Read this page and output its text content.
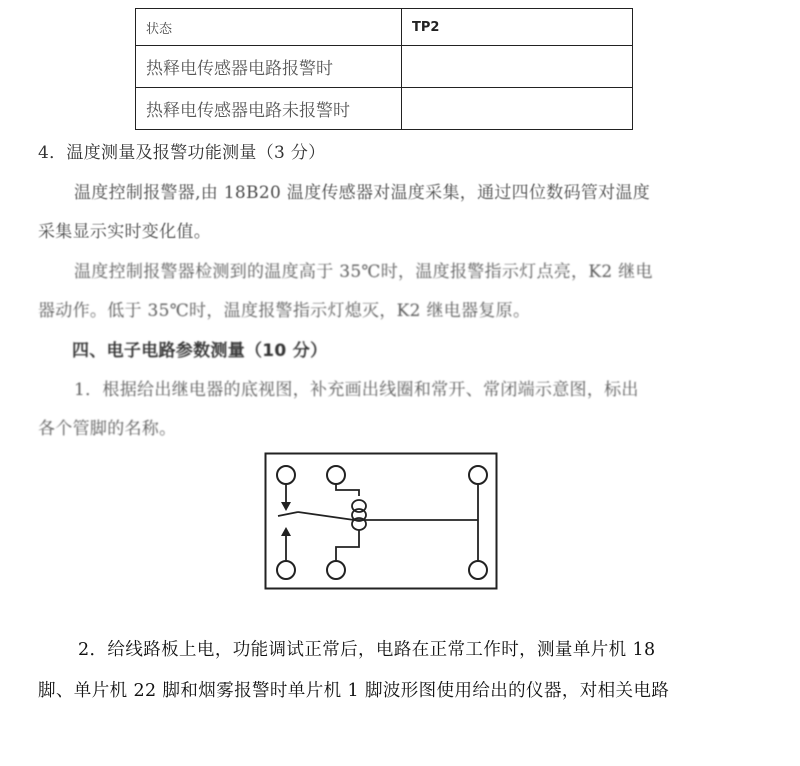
状态	TP2
热释电传感器电路报警时	
热释电传感器电路未报警时	
4．温度测量及报警功能测量（3 分）
温度控制报警器,由 18B20 温度传感器对温度采集，通过四位数码管对温度
采集显示实时变化值。
温度控制报警器检测到的温度高于 35℃时，温度报警指示灯点亮，K2 继电
器动作。低于 35℃时，温度报警指示灯熄灭，K2 继电器复原。
四、电子电路参数测量（10 分）
1．根据给出继电器的底视图，补充画出线圈和常开、常闭端示意图，标出
各个管脚的名称。
2．给线路板上电，功能调试正常后，电路在正常工作时，测量单片机 18
脚、单片机 22 脚和烟雾报警时单片机 1 脚波形图使用给出的仪器，对相关电路
